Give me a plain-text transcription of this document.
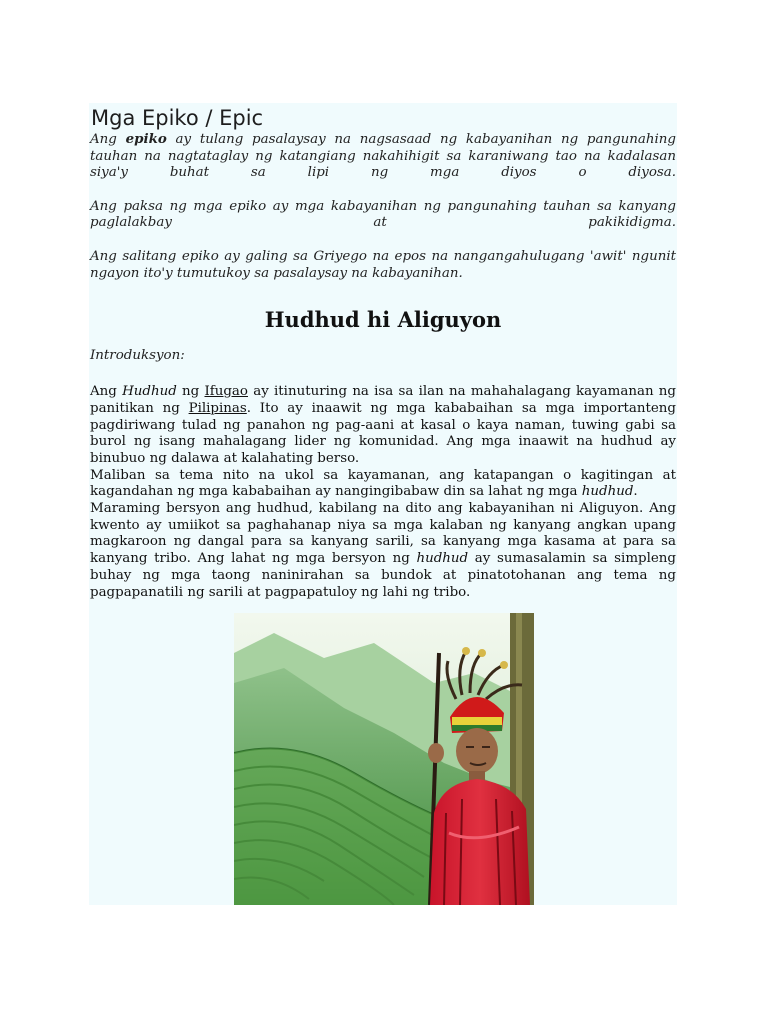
Mga Epiko / Epic

Ang epiko ay tulang pasalaysay na nagsasaad ng kabayanihan ng pangunahing tauhan na nagtataglay ng katangiang nakahihigit sa karaniwang tao na kadalasan siya'y buhat sa lipi ng mga diyos o diyosa.

Ang paksa ng mga epiko ay mga kabayanihan ng pangunahing tauhan sa kanyang paglalakbay at pakikidigma.

Ang salitang epiko ay galing sa Griyego na epos na nangangahulugang 'awit' ngunit ngayon ito'y tumutukoy sa pasalaysay na kabayanihan.

Hudhud hi Aliguyon

Introduksyon:

Ang Hudhud ng Ifugao ay itinuturing na isa sa ilan na mahahalagang kayamanan ng panitikan ng Pilipinas. Ito ay inaawit ng mga kababaihan sa mga importanteng pagdiriwang tulad ng panahon ng pag-aani at kasal o kaya naman, tuwing gabi sa burol ng isang mahalagang lider ng komunidad. Ang mga inaawit na hudhud ay binubuo ng dalawa at kalahating berso.

Maliban sa tema nito na ukol sa kayamanan, ang katapangan o kagitingan at kagandahan ng mga kababaihan ay nangingibabaw din sa lahat ng mga hudhud.

Maraming bersyon ang hudhud, kabilang na dito ang kabayanihan ni Aliguyon. Ang kwento ay umiikot sa paghahanap niya sa mga kalaban ng kanyang angkan upang magkaroon ng dangal para sa kanyang sarili, sa kanyang mga kasama at para sa kanyang tribo. Ang lahat ng mga bersyon ng hudhud ay sumasalamin sa simpleng buhay ng mga taong naninirahan sa bundok at pinatotohanan ang tema ng pagpapanatili ng sarili at pagpapatuloy ng lahi ng tribo.
